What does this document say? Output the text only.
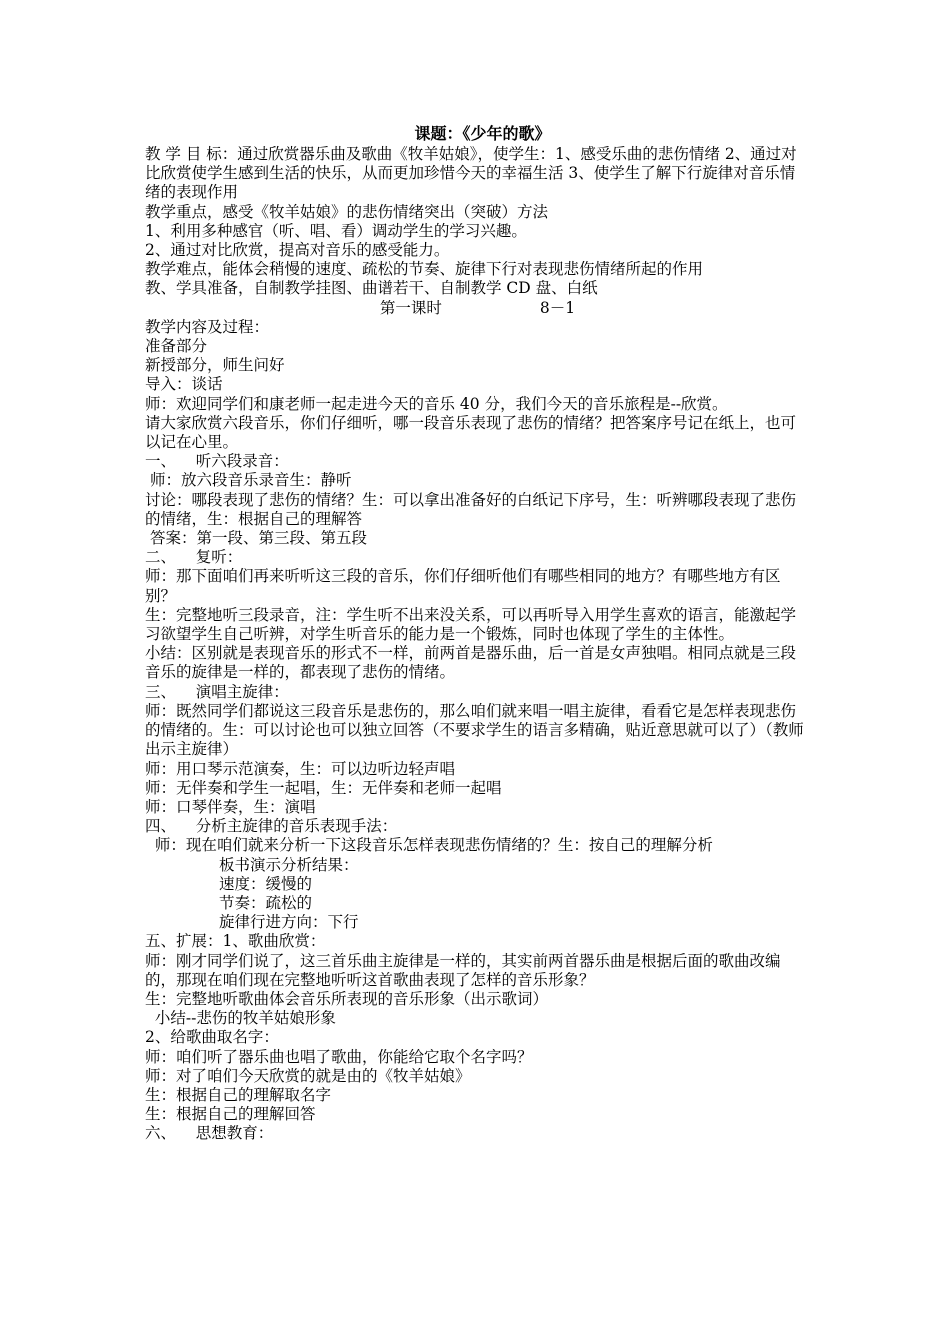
课题：《少年的歌》
教 学 目 标：通过欣赏器乐曲及歌曲《牧羊姑娘》，使学生：1、感受乐曲的悲伤情绪 2、通过对比欣赏使学生感到生活的快乐，从而更加珍惜今天的幸福生活 3、使学生了解下行旋律对音乐情绪的表现作用
教学重点，感受《牧羊姑娘》的悲伤情绪突出（突破）方法
1、利用多种感官（听、唱、看）调动学生的学习兴趣。
2、通过对比欣赏，提高对音乐的感受能力。
教学难点，能体会稍慢的速度、疏松的节奏、旋律下行对表现悲伤情绪所起的作用
教、学具准备，自制教学挂图、曲谱若干、自制教学 CD 盘、白纸
第一课时	8－1
教学内容及过程：
准备部分
新授部分，师生问好
导入：谈话
师：欢迎同学们和康老师一起走进今天的音乐 40 分，我们今天的音乐旅程是--欣赏。
请大家欣赏六段音乐，你们仔细听，哪一段音乐表现了悲伤的情绪？把答案序号记在纸上，也可以记在心里。
一、    听六段录音：
师：放六段音乐录音生：静听
讨论：哪段表现了悲伤的情绪？生：可以拿出准备好的白纸记下序号，生：听辨哪段表现了悲伤的情绪，生：根据自己的理解答
答案：第一段、第三段、第五段
二、    复听：
师：那下面咱们再来听听这三段的音乐，你们仔细听他们有哪些相同的地方？有哪些地方有区别？
生：完整地听三段录音，注：学生听不出来没关系，可以再听导入用学生喜欢的语言，能激起学习欲望学生自己听辨，对学生听音乐的能力是一个锻炼，同时也体现了学生的主体性。
小结：区别就是表现音乐的形式不一样，前两首是器乐曲，后一首是女声独唱。相同点就是三段音乐的旋律是一样的，都表现了悲伤的情绪。
三、    演唱主旋律：
师：既然同学们都说这三段音乐是悲伤的，那么咱们就来唱一唱主旋律，看看它是怎样表现悲伤的情绪的。生：可以讨论也可以独立回答（不要求学生的语言多精确，贴近意思就可以了）（教师出示主旋律）
师：用口琴示范演奏，生：可以边听边轻声唱
师：无伴奏和学生一起唱，生：无伴奏和老师一起唱
师：口琴伴奏，生：演唱
四、    分析主旋律的音乐表现手法：
师：现在咱们就来分析一下这段音乐怎样表现悲伤情绪的？生：按自己的理解分析
板书演示分析结果：
速度：缓慢的
节奏：疏松的
旋律行进方向：下行
五、扩展：1、歌曲欣赏：
师：刚才同学们说了，这三首乐曲主旋律是一样的，其实前两首器乐曲是根据后面的歌曲改编的，那现在咱们现在完整地听听这首歌曲表现了怎样的音乐形象？
生：完整地听歌曲体会音乐所表现的音乐形象（出示歌词）
小结--悲伤的牧羊姑娘形象
2、给歌曲取名字：
师：咱们听了器乐曲也唱了歌曲，你能给它取个名字吗？
师：对了咱们今天欣赏的就是由的《牧羊姑娘》
生：根据自己的理解取名字
生：根据自己的理解回答
六、    思想教育：
